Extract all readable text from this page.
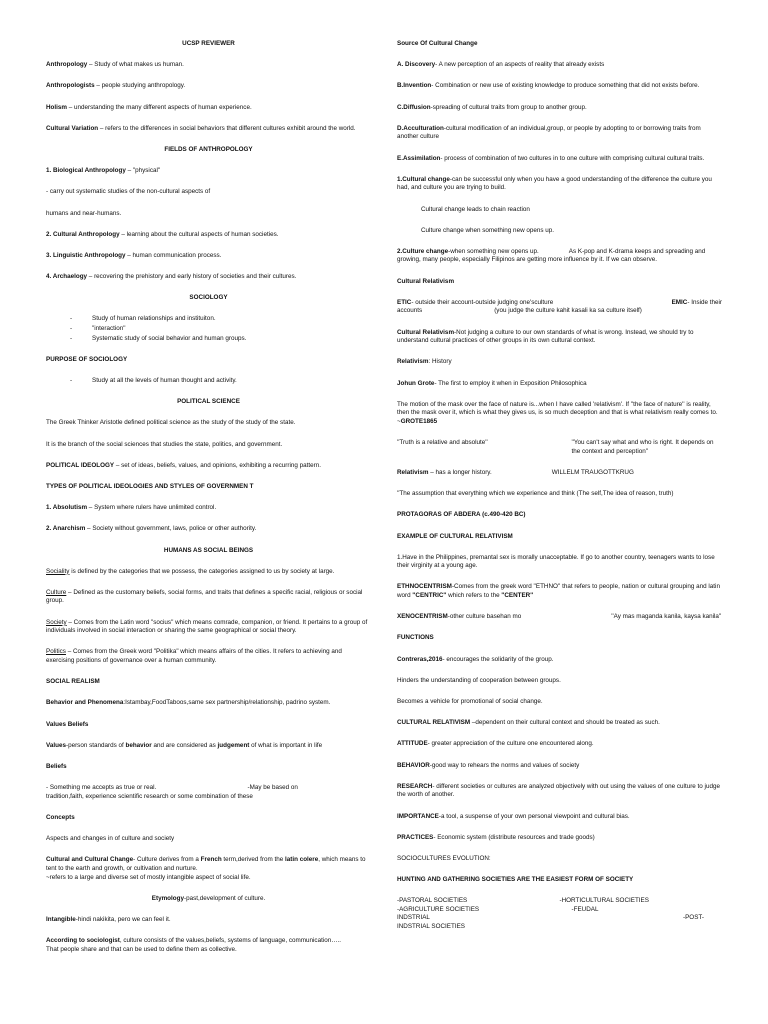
UCSP REVIEWER
Anthropology – Study of what makes us human.
Anthropologists – people studying anthropology.
Holism – understanding the many different aspects of human experience.
Cultural Variation – refers to the differences in social behaviors that different cultures exhibit around the world.
FIELDS OF ANTHROPOLOGY
1. Biological Anthropology – "physical"
- carry out systematic studies of the non-cultural aspects of
humans and near-humans.
2. Cultural Anthropology – learning about the cultural aspects of human societies.
3. Linguistic Anthropology – human communication process.
4. Archaelogy – recovering the prehistory and early history of societies and their cultures.
SOCIOLOGY
-	Study of human relationships and instituiton.
-	"interaction"
-	Systematic study of social behavior and human groups.
PURPOSE OF SOCIOLOGY
-	Study at all the levels of human thought and activity.
POLITICAL SCIENCE
The Greek Thinker Aristotle defined political science as the study of the study of the state.
It is the branch of the social sciences that studies the state, politics, and government.
POLITICAL IDEOLOGY – set of ideas, beliefs, values, and opinions, exhibiting a recurring pattern.
TYPES OF POLITICAL IDEOLOGIES AND STYLES OF GOVERNMEN T
1. Absolutism – System where rulers have unlimited control.
2. Anarchism – Society without government, laws, police or other authority.
HUMANS AS SOCIAL BEINGS
Sociality is defined by the categories that we possess, the categories assigned to us by society at large.
Culture – Defined as the customary beliefs, social forms, and traits that defines a specific racial, religious or social group.
Society – Comes from the Latin word "socius" which means comrade, companion, or friend. It pertains to a group of individuals involved in social interaction or sharing the same geographical or social theory.
Politics – Comes from the Greek word "Politika" which means affairs of the cities. It refers to achieving and exercising positions of governance over a human community.
SOCIAL REALISM
Behavior and Phenomena:Istambay,FoodTaboos,same sex partnership/relationship, padrino system.
Values Beliefs
Values-person standards of behavior and are considered as judgement of what is important in life
Beliefs
- Something me accepts as true or real.	-May be based on
tradition,faith, experience scientific research or some combination of these
Concepts
Aspects and changes in of culture and society
Cultural and Cultural Change- Culture derives from a French term,derived from the latin colere, which means to tent to the earth and growth, or cultivation and nurture.
~refers to a large and diverse set of mostly intangible aspect of social life.
Etymology-past,development of culture.
Intangible-hindi nakikita, pero we can feel it.
According to sociologist, culture consists of the values,beliefs, systems of language, communication…..
That people share and that can be used to define them as collective.
Source Of Cultural Change
A. Discovery- A new perception of an aspects of reality that already exists
B.Invention- Combination or new use of existing knowledge to produce something that did not exists before.
C.Diffusion-spreading of cultural traits from group to another group.
D.Acculturation-cultural modification of an individual,group, or people by adopting to or borrowing traits from another culture
E.Assimilation- process of combination of two cultures in to one culture with comprising cultural cultural traits.
1.Cultural change-can be successful only when you have a good understanding of the difference the culture you had, and culture you are trying to build.
Cultural change leads to chain reaction
Culture change when something new opens up.
2.Culture change-when something new opens up.	As K-pop and K-drama keeps and spreading and growing, many people, especially Filipinos are getting more influence by it. If we can observe.
Cultural Relativism
ETIC- outside their account-outside judging one'sculture	EMIC- Inside their
accounts	(you judge the culture kahit kasali ka sa culture itself)
Cultural Relativism-Not judging a culture to our own standards of what is wrong. Instead, we should try to understand cultural practices of other groups in its own cultural context.
Relativism: History
Johun Grote- The first to employ it when in Exposition Philosophica
The motion of the mask over the face of nature is...when I have called 'relativism'. If ''the face of nature'' is reality, then the mask over it, which is what they gives us, is so much deception and that is what relativism really comes to. ~GROTE1865
''Truth is a relative and absolute''	''You can't say what and who is right. It depends on the context and perception''
Relativism – has a longer history.	WILLELM TRAUGOTTKRUG
''The assumption that everything which we experience and think (The self,The idea of reason, truth)
PROTAGORAS OF ABDERA (c.490-420 BC)
EXAMPLE OF CULTURAL RELATIVISM
1.Have in the Philippines, premantal sex is morally unacceptable. If go to another country, teenagers wants to lose their virginity at a young age.
ETHNOCENTRISM-Comes from the greek word ''ETHNO'' that refers to people, nation or cultural grouping and latin word ''CENTRIC'' which refers to the ''CENTER''
XENOCENTRISM-other culture basehan mo	''Ay mas maganda kanila, kaysa kanila''
FUNCTIONS
Contreras,2016- encourages the solidarity of the group.
Hinders the understanding of cooperation between groups.
Becomes a vehicle for promotional of social change.
CULTURAL RELATIVISM –dependent on their cultural context and should be treated as such.
ATTITUDE- greater appreciation of the culture one encountered along.
BEHAVIOR-good way to rehears the norms and values of society
RESEARCH- different societies or cultures are analyzed objectively with out using the values of one culture to judge the worth of another.
IMPORTANCE-a tool, a suspense of your own personal viewpoint and cultural bias.
PRACTICES- Economic system (distribute resources and trade goods)
SOCIOCULTURES EVOLUTION:
HUNTING AND GATHERING SOCIETIES ARE THE EASIEST FORM OF SOCIETY
-PASTORAL SOCIETIES	-HORTICULTURAL SOCIETIES
-AGRICULTURE SOCIETIES	-FEUDAL
INDSTRIAL	-POST-
INDSTRIAL SOCIETIES
